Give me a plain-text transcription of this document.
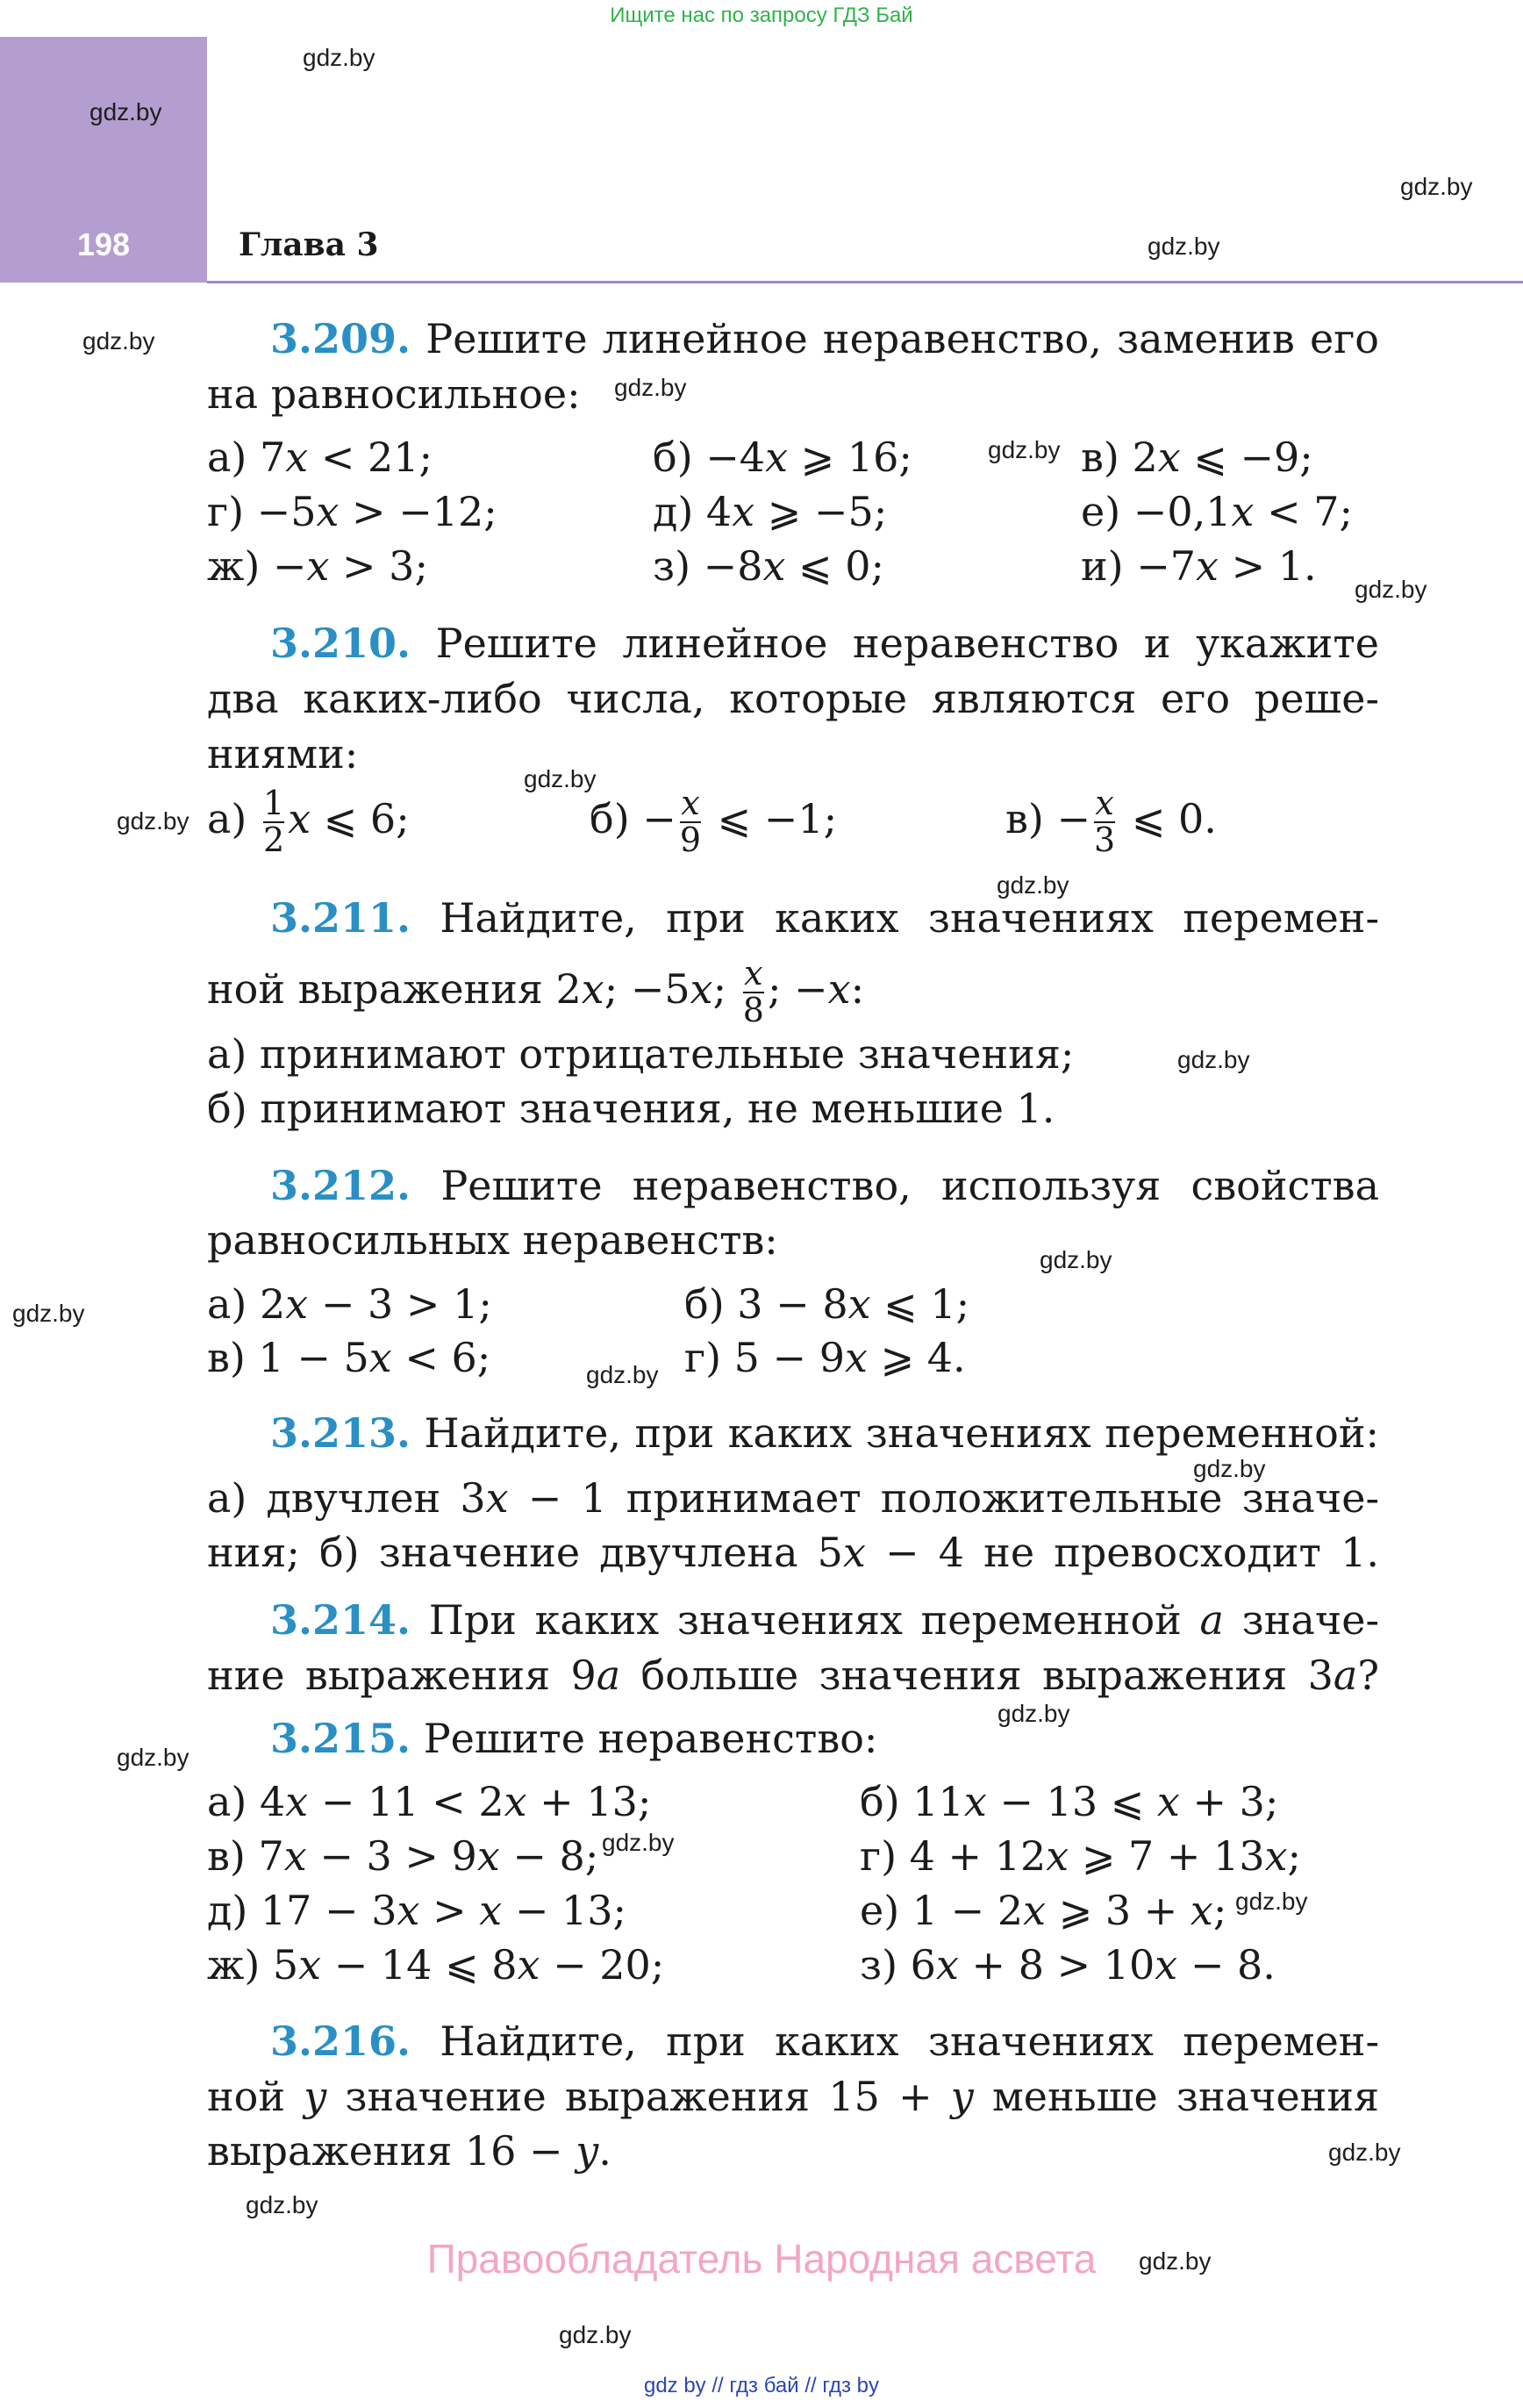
Ищите нас по запросу ГДЗ Бай
198	Глава 3
gdz.by
gdz.by
gdz.by
gdz.by
gdz.by
gdz.by
gdz.by
gdz.by
gdz.by
gdz.by
gdz.by
gdz.by
gdz.by
gdz.by
gdz.by
gdz.by
gdz.by
gdz.by
gdz.by
gdz.by
gdz.by
gdz.by
gdz.by
gdz.by
3.209. Решите линейное неравенство, заменив его
на равносильное:
а) 7x < 21;	б) −4x ⩾ 16;	в) 2x ⩽ −9;
г) −5x > −12;	д) 4x ⩾ −5;	е) −0,1x < 7;
ж) −x > 3;	з) −8x ⩽ 0;	и) −7x > 1.
3.210. Решите линейное неравенство и укажите
два каких-либо числа, которые являются его реше-
ниями:
$а) \frac{1}{2}$ x ⩽ 6;	$б) - \frac{x}{9}$ ⩽ −1;	$в) - \frac{x}{3}$ ⩽ 0.
3.211. Найдите, при каких значениях перемен-
ной выражения 2x; −5x; $\frac{x}{8}$ ; −x:
а) принимают отрицательные значения;
б) принимают значения, не меньшие 1.
3.212. Решите неравенство, используя свойства
равносильных неравенств:
а) 2x − 3 > 1;	б) 3 − 8x ⩽ 1;
в) 1 − 5x < 6;	г) 5 − 9x ⩾ 4.
3.213. Найдите, при каких значениях переменной:
а) двучлен 3x − 1 принимает положительные значе-
ния; б) значение двучлена 5x − 4 не превосходит 1.
3.214. При каких значениях переменной a значе-
ние выражения 9a больше значения выражения 3a?
3.215. Решите неравенство:
а) 4x − 11 < 2x + 13;	б) 11x − 13 ⩽ x + 3;
в) 7x − 3 > 9x − 8;	г) 4 + 12x ⩾ 7 + 13x;
д) 17 − 3x > x − 13;	е) 1 − 2x ⩾ 3 + x;
ж) 5x − 14 ⩽ 8x − 20;	з) 6x + 8 > 10x − 8.
3.216. Найдите, при каких значениях перемен-
ной y значение выражения 15 + y меньше значения
выражения 16 − y.
Правообладатель Народная асвета
gdz by // гдз бай // гдз by
